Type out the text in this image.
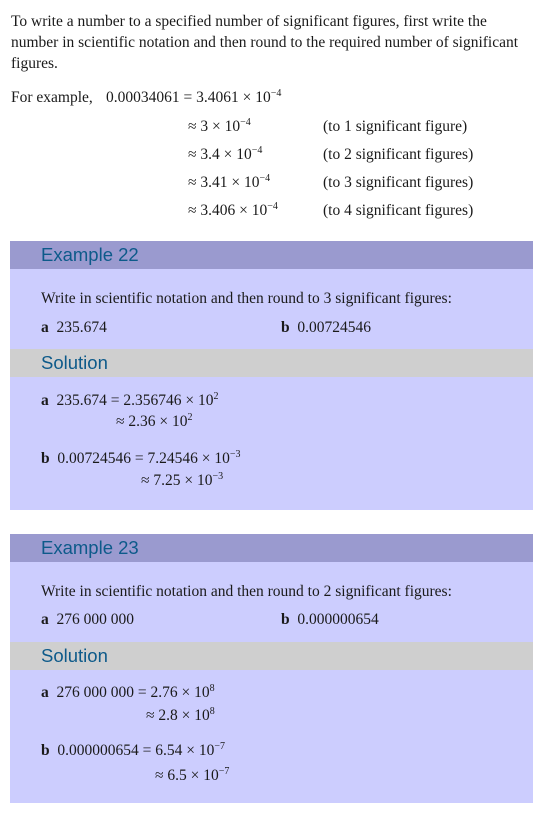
To write a number to a specified number of significant figures, first write the number in scientific notation and then round to the required number of significant figures.
For example, $0.00034061 = 3.4061 \times 10^{-4}$
≈ $3 \times 10^{-4}$	(to 1 significant figure)
≈ $3.4 \times 10^{-4}$	(to 2 significant figures)
≈ $3.41 \times 10^{-4}$	(to 3 significant figures)
≈ $3.406 \times 10^{-4}$	(to 4 significant figures)
Example 22
Write in scientific notation and then round to 3 significant figures:
a 235.674	b 0.00724546
Solution
a $235.674 = 2.356746 \times 10^2$
≈ $2.36 \times 10^2$
b $0.00724546 = 7.24546 \times 10^{-3}$
≈ $7.25 \times 10^{-3}$
Example 23
Write in scientific notation and then round to 2 significant figures:
a 276 000 000	b 0.000000654
Solution
a 276 000 $000 = 2.76 \times 10^8$
≈ $2.8 \times 10^8$
b $0.000000654 = 6.54 \times 10^{-7}$
≈ $6.5 \times 10^{-7}$
